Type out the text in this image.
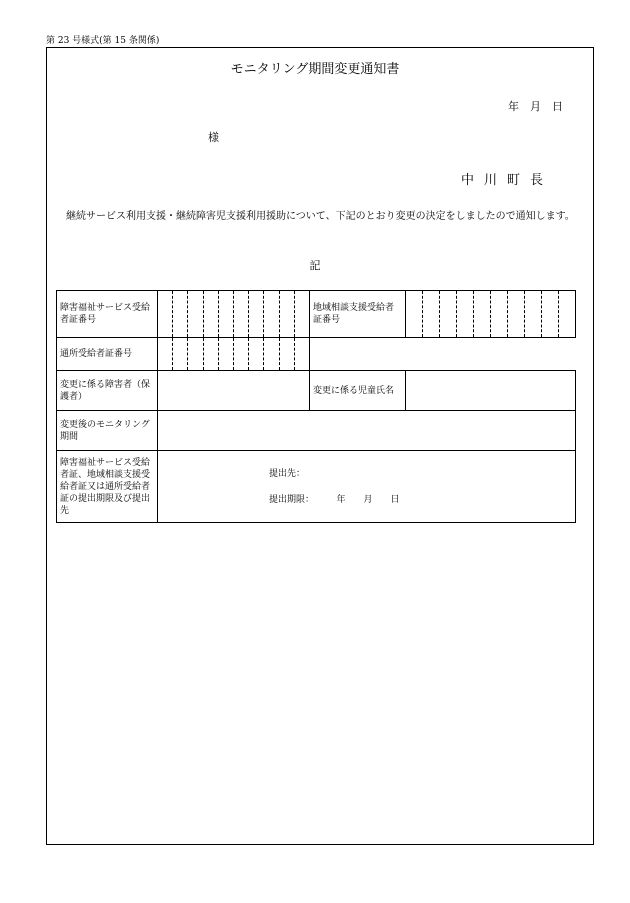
第 23 号様式(第 15 条関係)
モニタリング期間変更通知書
年　月　日
様
中川町長
継続サービス利用支援・継続障害児支援利用援助について、下記のとおり変更の決定をしましたので通知します。
記
障害福祉サービス受給者証番号		地域相談支援受給者証番号	

通所受給者証番号		

変更に係る障害者（保護者）		変更に係る児童氏名	
変更後のモニタリング期間			
障害福祉サービス受給者証、地域相談支援受給者証又は通所受給者証の提出期限及び提出先	提出先：
提出期限：　　　年　　月　　日		
